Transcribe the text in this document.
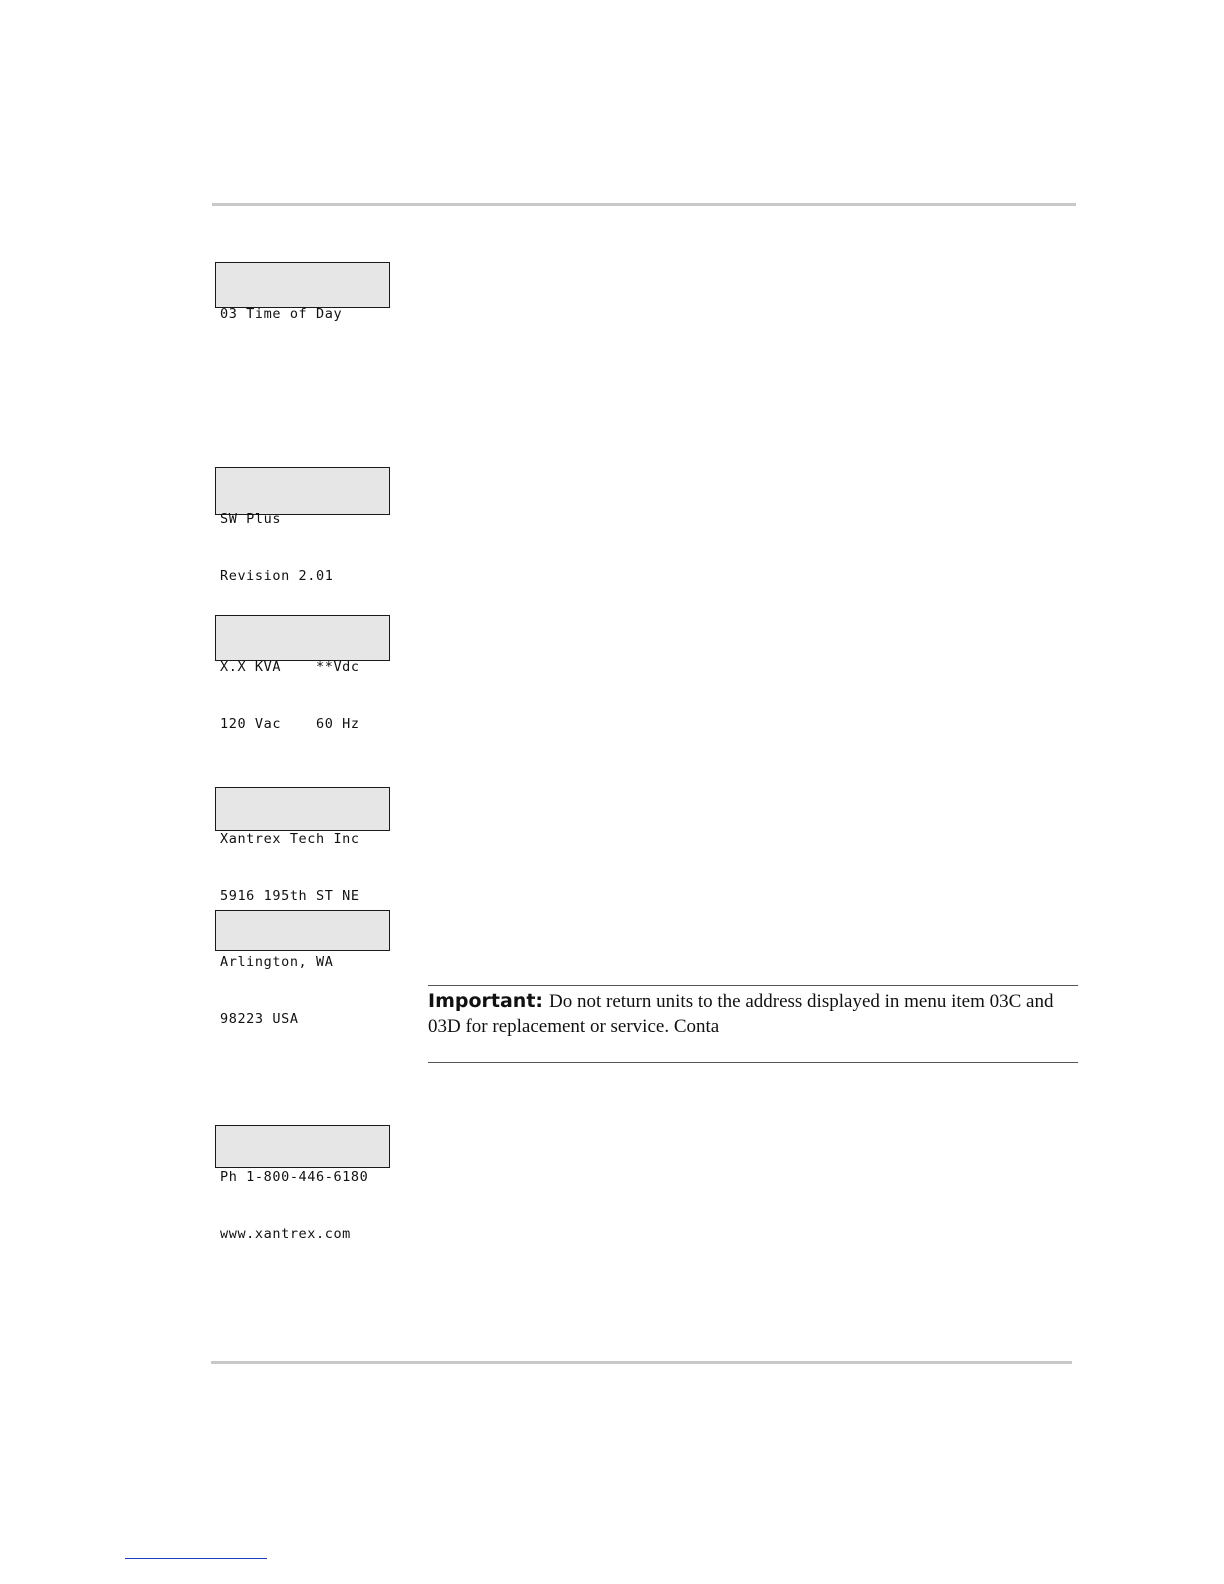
03 Time of Day

SW Plus

Revision 2.01

X.X KVA    **Vdc

120 Vac    60 Hz

Xantrex Tech Inc

5916 195th ST NE

Arlington, WA

98223 USA

Important: Do not return units to the address displayed in menu item 03C and 03D for replacement or service. Conta

Ph 1-800-446-6180

www.xantrex.com
